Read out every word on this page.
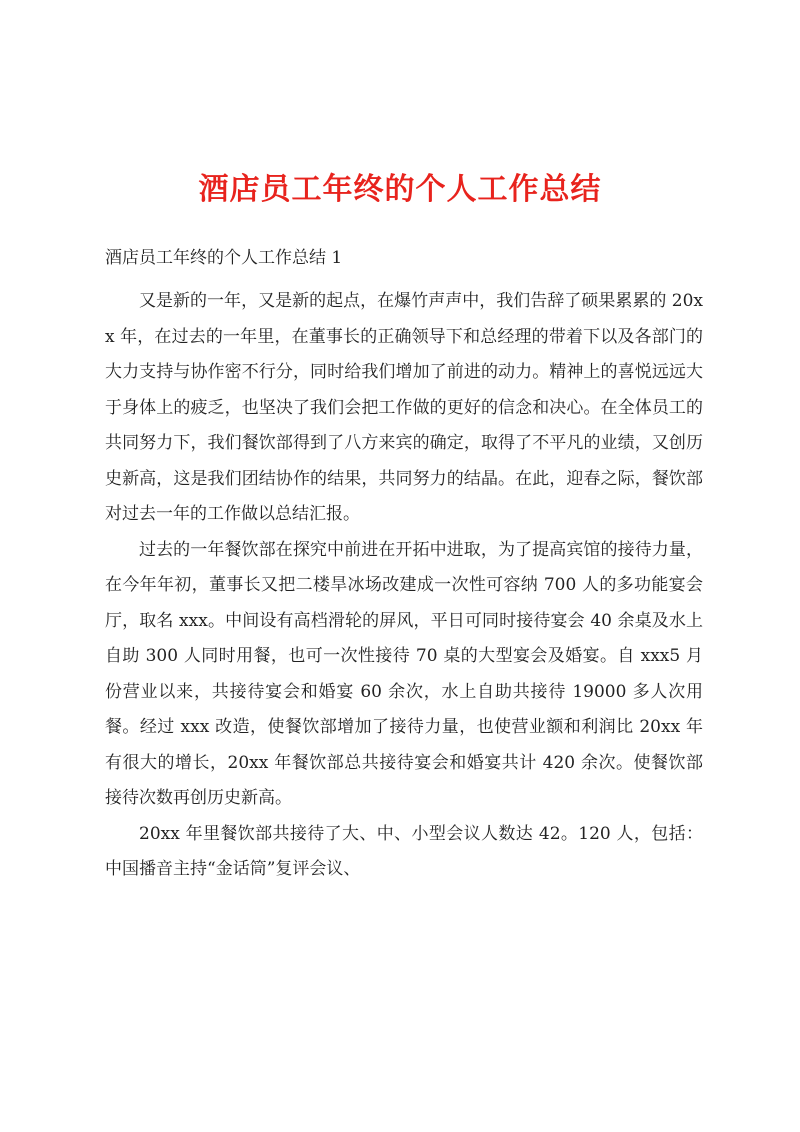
酒店员工年终的个人工作总结
酒店员工年终的个人工作总结 1

又是新的一年，又是新的起点，在爆竹声声中，我们告辞了硕果累累的 20xx 年，在过去的一年里，在董事长的正确领导下和总经理的带着下以及各部门的大力支持与协作密不行分，同时给我们增加了前进的动力。精神上的喜悦远远大于身体上的疲乏，也坚决了我们会把工作做的更好的信念和决心。在全体员工的共同努力下，我们餐饮部得到了八方来宾的确定，取得了不平凡的业绩，又创历史新高，这是我们团结协作的结果，共同努力的结晶。在此，迎春之际，餐饮部对过去一年的工作做以总结汇报。

过去的一年餐饮部在探究中前进在开拓中进取，为了提高宾馆的接待力量，在今年年初，董事长又把二楼旱冰场改建成一次性可容纳 700 人的多功能宴会厅，取名 xxx。中间设有高档滑轮的屏风，平日可同时接待宴会 40 余桌及水上自助 300 人同时用餐，也可一次性接待 70 桌的大型宴会及婚宴。自 xxx5 月份营业以来，共接待宴会和婚宴 60 余次，水上自助共接待 19000 多人次用餐。经过 xxx 改造，使餐饮部增加了接待力量，也使营业额和利润比 20xx 年有很大的增长，20xx 年餐饮部总共接待宴会和婚宴共计 420 余次。使餐饮部接待次数再创历史新高。

20xx 年里餐饮部共接待了大、中、小型会议人数达 42。120 人，包括：中国播音主持“金话筒”复评会议、
